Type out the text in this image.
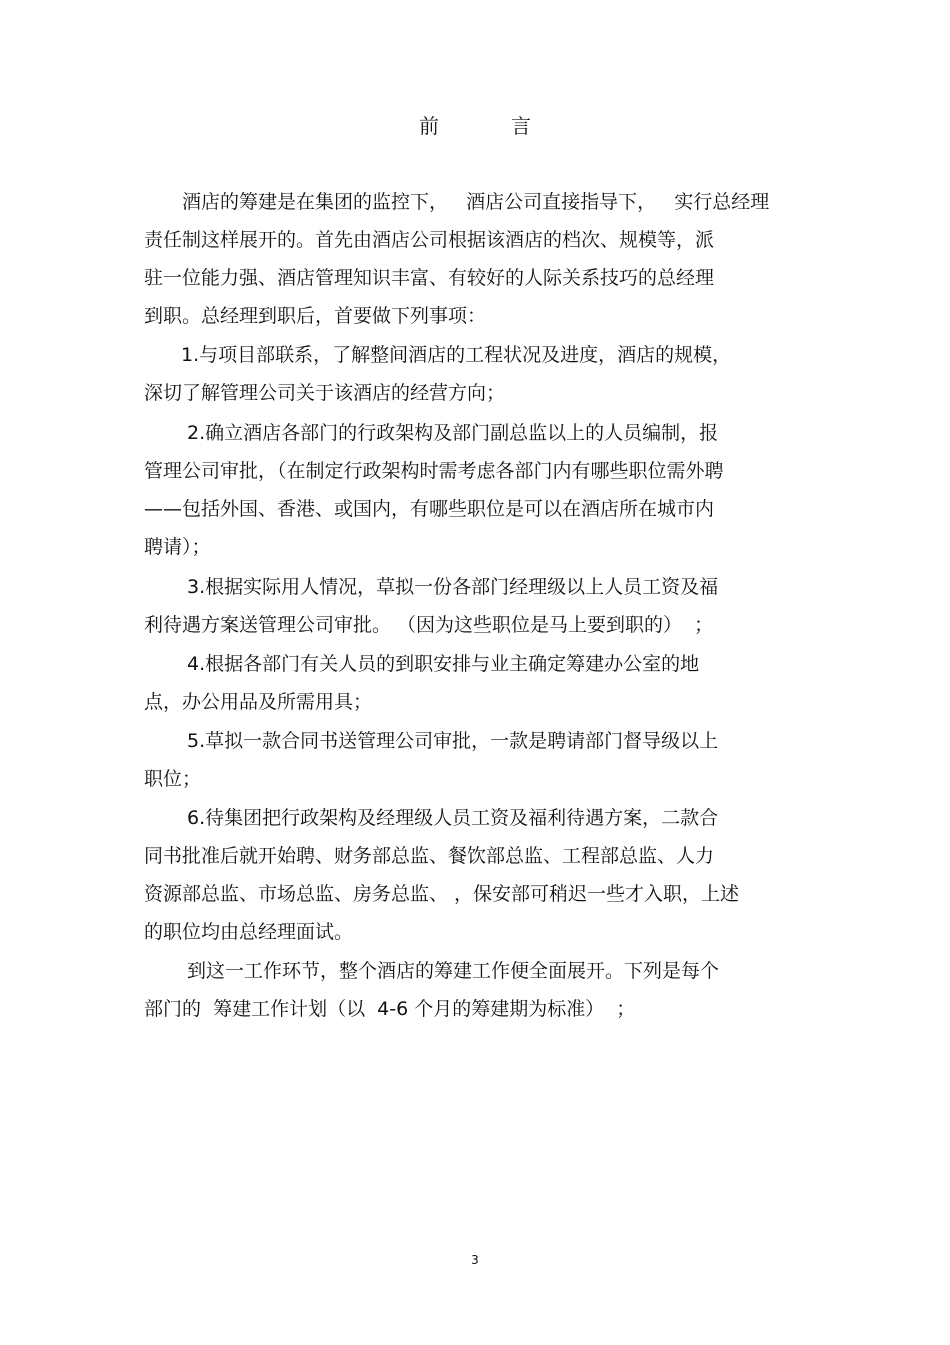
前	言
酒店的筹建是在集团的监控下，   酒店公司直接指导下，   实行总经理
责任制这样展开的。首先由酒店公司根据该酒店的档次、规模等，派
驻一位能力强、酒店管理知识丰富、有较好的人际关系技巧的总经理
到职。总经理到职后，首要做下列事项：
1.与项目部联系，了解整间酒店的工程状况及进度，酒店的规模，
深切了解管理公司关于该酒店的经营方向；
2.确立酒店各部门的行政架构及部门副总监以上的人员编制，报
管理公司审批，（在制定行政架构时需考虑各部门内有哪些职位需外聘
——包括外国、香港、或国内，有哪些职位是可以在酒店所在城市内
聘请）；
3.根据实际用人情况，草拟一份各部门经理级以上人员工资及福
利待遇方案送管理公司审批。 （因为这些职位是马上要到职的）  ；
4.根据各部门有关人员的到职安排与业主确定筹建办公室的地
点，办公用品及所需用具；
5.草拟一款合同书送管理公司审批，一款是聘请部门督导级以上
职位；
6.待集团把行政架构及经理级人员工资及福利待遇方案，二款合
同书批准后就开始聘、财务部总监、餐饮部总监、工程部总监、人力
资源部总监、市场总监、房务总监、 ，保安部可稍迟一些才入职，上述
的职位均由总经理面试。
到这一工作环节，整个酒店的筹建工作便全面展开。下列是每个
部门的  筹建工作计划（以  4-6 个月的筹建期为标准）  ；
3
